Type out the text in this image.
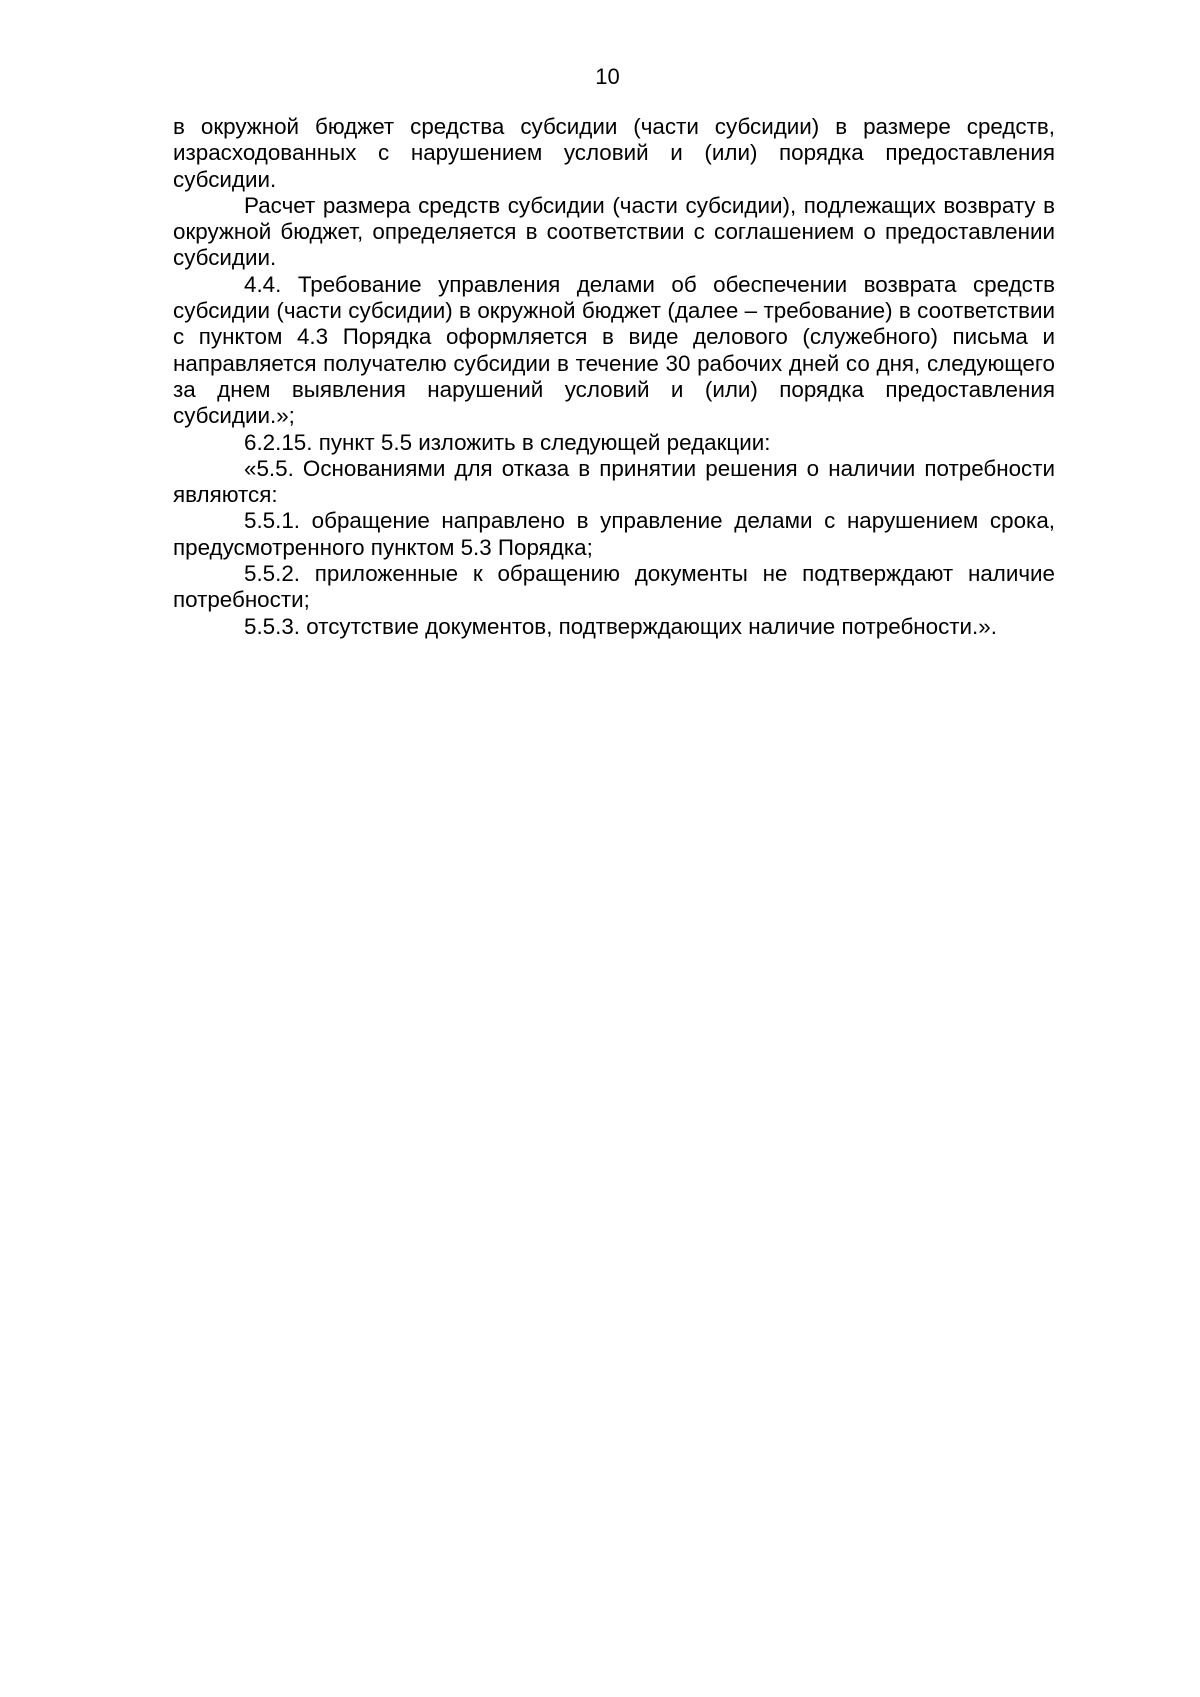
10

в окружной бюджет средства субсидии (части субсидии) в размере средств, израсходованных с нарушением условий и (или) порядка предоставления субсидии.

Расчет размера средств субсидии (части субсидии), подлежащих возврату в окружной бюджет, определяется в соответствии с соглашением о предоставлении субсидии.

4.4. Требование управления делами об обеспечении возврата средств субсидии (части субсидии) в окружной бюджет (далее – требование) в соответствии с пунктом 4.3 Порядка оформляется в виде делового (служебного) письма и направляется получателю субсидии в течение 30 рабочих дней со дня, следующего за днем выявления нарушений условий и (или) порядка предоставления субсидии.»;

6.2.15. пункт 5.5 изложить в следующей редакции:

«5.5. Основаниями для отказа в принятии решения о наличии потребности являются:

5.5.1. обращение направлено в управление делами с нарушением срока, предусмотренного пунктом 5.3 Порядка;

5.5.2. приложенные к обращению документы не подтверждают наличие потребности;

5.5.3. отсутствие документов, подтверждающих наличие потребности.».
